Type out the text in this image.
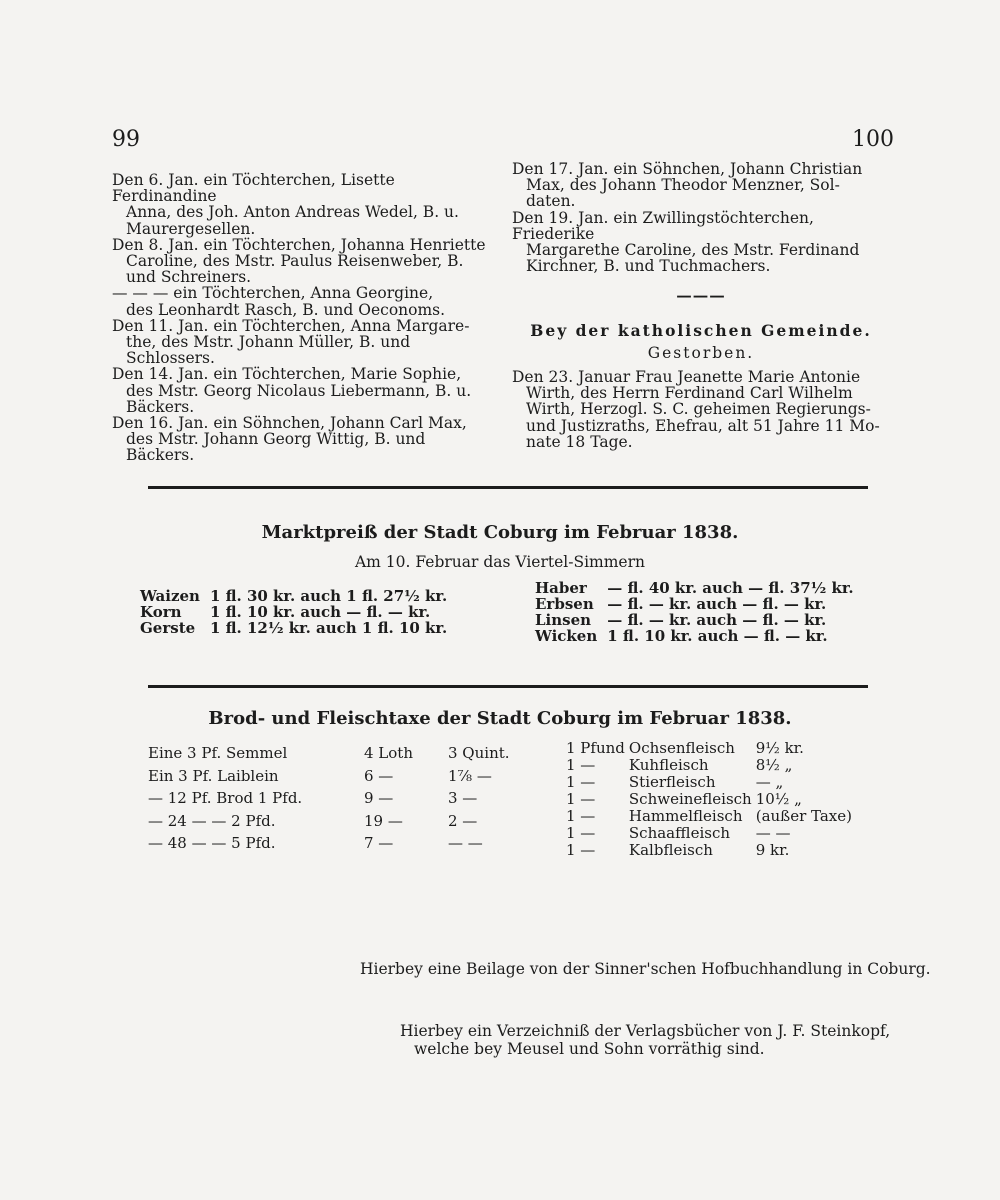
99	100

Den 6. Jan. ein Töchterchen, Lisette Ferdinandine
Anna, des Joh. Anton Andreas Wedel, B. u.
Maurergesellen.

Den 8. Jan. ein Töchterchen, Johanna Henriette
Caroline, des Mstr. Paulus Reisenweber, B.
und Schreiners.

— — — ein Töchterchen, Anna Georgine,
des Leonhardt Rasch, B. und Oeconoms.

Den 11. Jan. ein Töchterchen, Anna Margare-
the, des Mstr. Johann Müller, B. und
Schlossers.

Den 14. Jan. ein Töchterchen, Marie Sophie,
des Mstr. Georg Nicolaus Liebermann, B. u.
Bäckers.

Den 16. Jan. ein Söhnchen, Johann Carl Max,
des Mstr. Johann Georg Wittig, B. und
Bäckers.

Den 17. Jan. ein Söhnchen, Johann Christian
Max, des Johann Theodor Menzner, Sol-
daten.

Den 19. Jan. ein Zwillingstöchterchen, Friederike
Margarethe Caroline, des Mstr. Ferdinand
Kirchner, B. und Tuchmachers.

———
Bey der katholischen Gemeinde.
Gestorben.

Den 23. Januar Frau Jeanette Marie Antonie
Wirth, des Herrn Ferdinand Carl Wilhelm
Wirth, Herzogl. S. C. geheimen Regierungs-
und Justizraths, Ehefrau, alt 51 Jahre 11 Mo-
nate 18 Tage.

Marktpreiß der Stadt Coburg im Februar 1838.
Am 10. Februar das Viertel-Simmern
Waizen	1 fl. 30 kr. auch 1 fl. 27½ kr.
Korn	1 fl. 10 kr. auch — fl. — kr.
Gerste	1 fl. 12½ kr. auch 1 fl. 10 kr.
Haber	— fl. 40 kr. auch — fl. 37½ kr.
Erbsen	— fl. — kr. auch — fl. — kr.
Linsen	— fl. — kr. auch — fl. — kr.
Wicken	1 fl. 10 kr. auch — fl. — kr.
Brod- und Fleischtaxe der Stadt Coburg im Februar 1838.
Eine 3 Pf. Semmel	4 Loth	3 Quint.
Ein 3 Pf. Laiblein	6 —	1⅞ —
— 12 Pf. Brod 1 Pfd.	9 —	3 —
— 24 — — 2 Pfd.	19 —	2 —
— 48 — — 5 Pfd.	7 —	— —
1 Pfund	Ochsenfleisch	9½ kr.
1 —	Kuhfleisch	8½ „
1 —	Stierfleisch	— „
1 —	Schweinefleisch	10½ „
1 —	Hammelfleisch	(außer Taxe)
1 —	Schaaffleisch	— —
1 —	Kalbfleisch	9 kr.
Hierbey eine Beilage von der Sinner'schen Hofbuchhandlung in Coburg.
Hierbey ein Verzeichniß der Verlagsbücher von J. F. Steinkopf,
welche bey Meusel und Sohn vorräthig sind.
